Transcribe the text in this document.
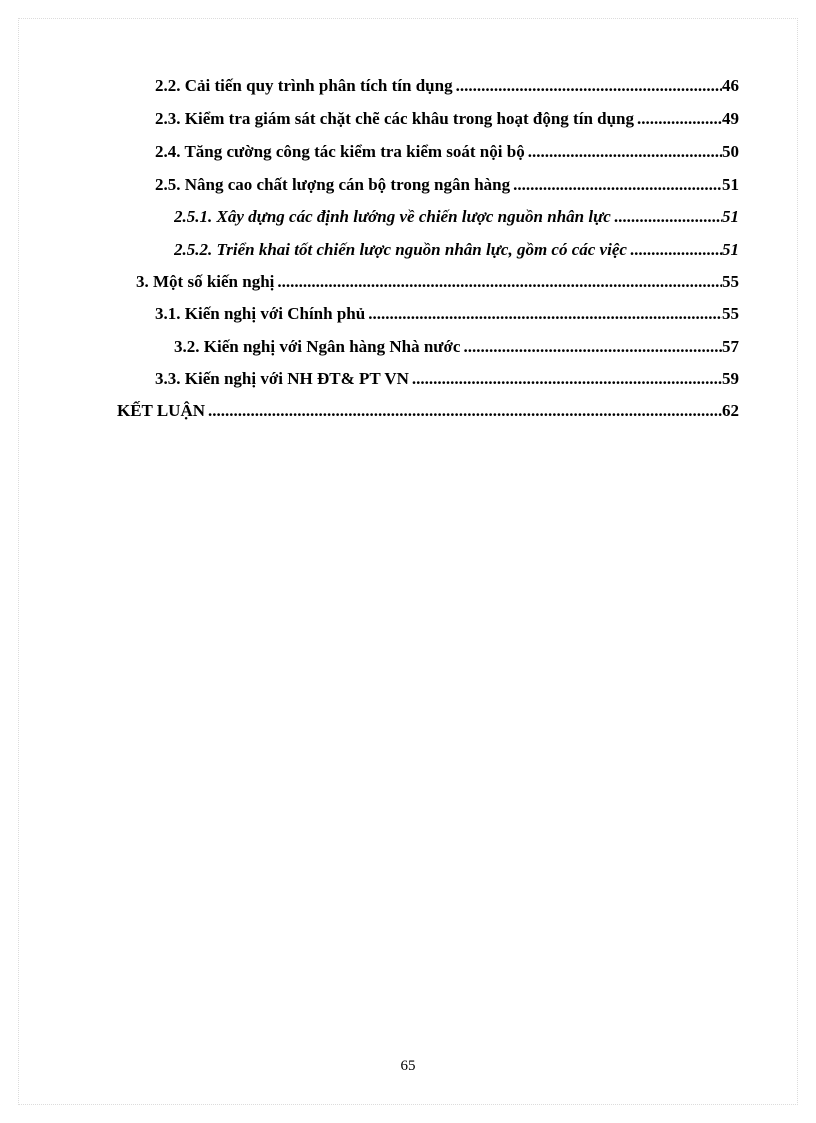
2.2. Cải tiến quy trình phân tích tín dụng .....	46
2.3. Kiểm tra giám sát chặt chẽ các khâu trong hoạt động tín dụng .....	49
2.4. Tăng cường công tác kiểm tra kiểm soát nội bộ .....	50
2.5. Nâng cao chất lượng cán bộ trong ngân hàng .....	51
2.5.1. Xây dựng các định lướng về chiến lược nguồn nhân lực .....	51
2.5.2. Triển khai tốt chiến lược nguồn nhân lực, gồm có các việc .....	51
3. Một số kiến nghị .....	55
3.1. Kiến nghị với Chính phủ .....	55
3.2. Kiến nghị với Ngân hàng Nhà nước .....	57
3.3. Kiến nghị với NH ĐT& PT VN .....	59
KẾT LUẬN .....	62
65
